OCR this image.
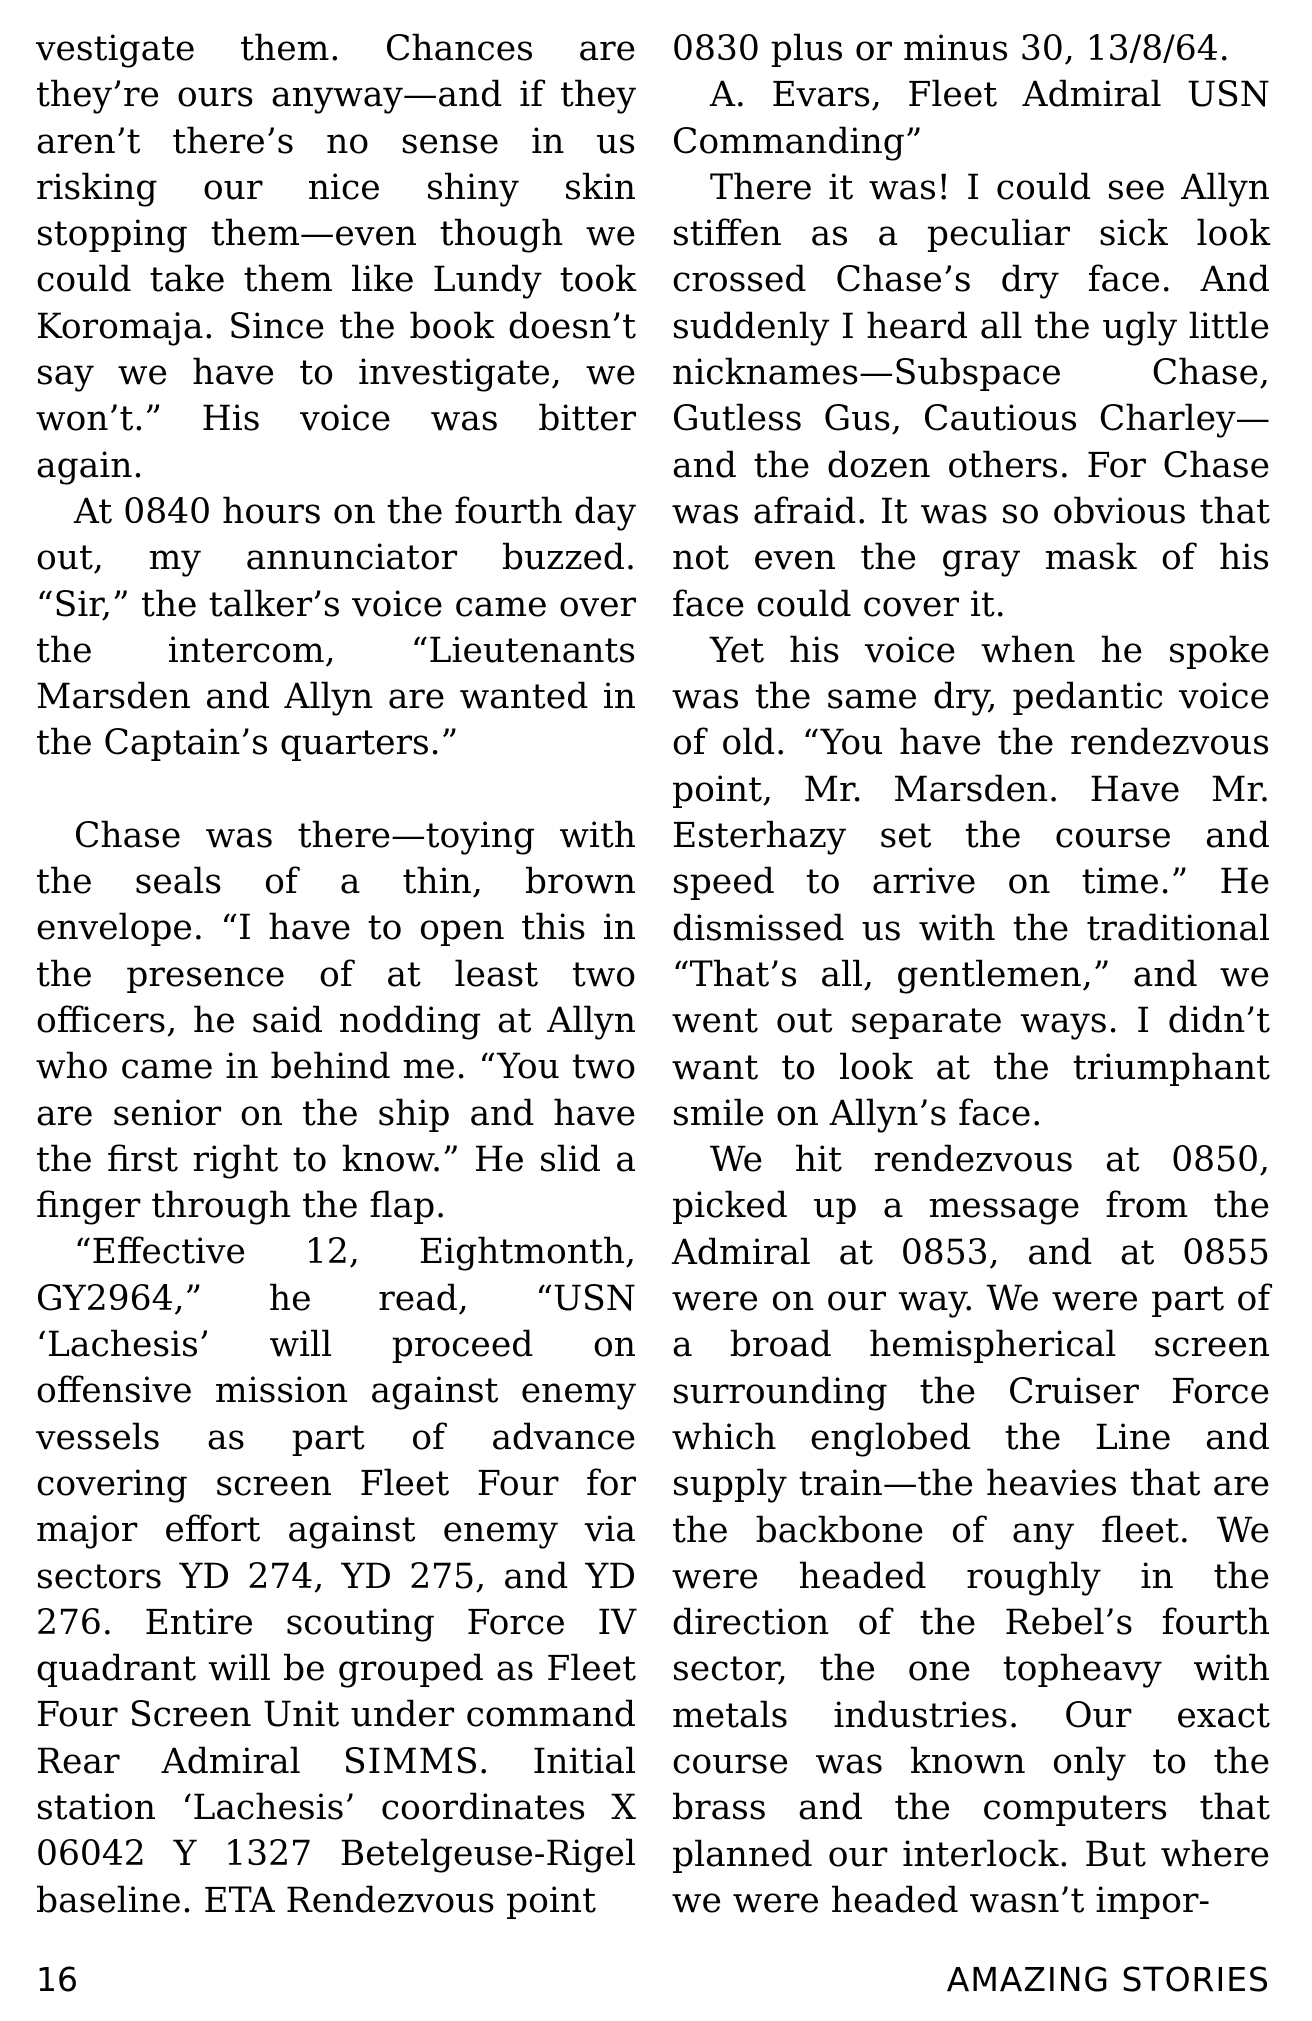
vestigate them. Chances are they’re ours anyway—and if they aren’t there’s no sense in us risking our nice shiny skin stopping them—even though we could take them like Lundy took Koromaja. Since the book doesn’t say we have to investigate, we won’t.” His voice was bitter again.

At 0840 hours on the fourth day out, my annunciator buzzed. “Sir,” the talker’s voice came over the intercom, “Lieutenants Marsden and Allyn are wanted in the Captain’s quarters.”

Chase was there—toying with the seals of a thin, brown envelope. “I have to open this in the presence of at least two officers, he said nodding at Allyn who came in behind me. “You two are senior on the ship and have the first right to know.” He slid a finger through the flap.

“Effective 12, Eightmonth, GY2964,” he read, “USN ‘Lachesis’ will proceed on offensive mission against enemy vessels as part of advance covering screen Fleet Four for major effort against enemy via sectors YD 274, YD 275, and YD 276. Entire scouting Force IV quadrant will be grouped as Fleet Four Screen Unit under command Rear Admiral SIMMS. Initial station ‘Lachesis’ coordinates X 06042 Y 1327 Betelgeuse-Rigel baseline. ETA Rendezvous point

0830 plus or minus 30, 13/8/64.

A. Evars, Fleet Admiral USN Commanding”

There it was! I could see Allyn stiffen as a peculiar sick look crossed Chase’s dry face. And suddenly I heard all the ugly little nicknames—Subspace Chase, Gutless Gus, Cautious Charley—and the dozen others. For Chase was afraid. It was so obvious that not even the gray mask of his face could cover it.

Yet his voice when he spoke was the same dry, pedantic voice of old. “You have the rendezvous point, Mr. Marsden. Have Mr. Esterhazy set the course and speed to arrive on time.” He dismissed us with the traditional “That’s all, gentlemen,” and we went out separate ways. I didn’t want to look at the triumphant smile on Allyn’s face.

We hit rendezvous at 0850, picked up a message from the Admiral at 0853, and at 0855 were on our way. We were part of a broad hemispherical screen surrounding the Cruiser Force which englobed the Line and supply train—the heavies that are the backbone of any fleet. We were headed roughly in the direction of the Rebel’s fourth sector, the one topheavy with metals industries. Our exact course was known only to the brass and the computers that planned our interlock. But where we were headed wasn’t impor-

16	AMAZING STORIES
